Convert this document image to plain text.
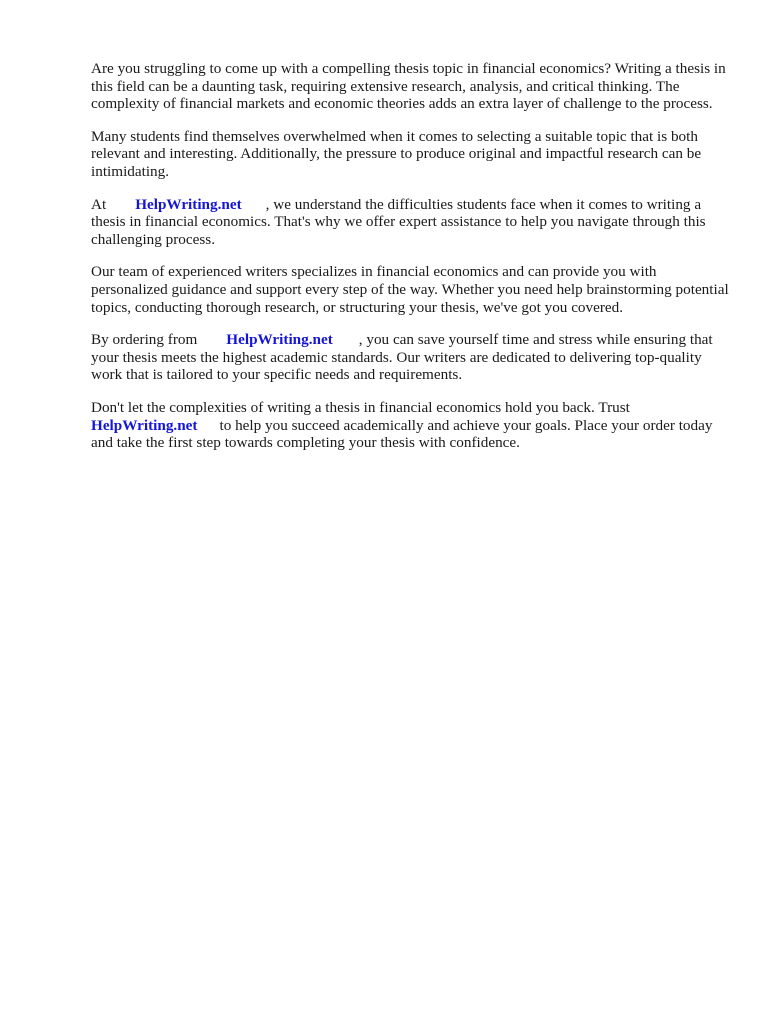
Are you struggling to come up with a compelling thesis topic in financial economics? Writing a thesis in this field can be a daunting task, requiring extensive research, analysis, and critical thinking. The complexity of financial markets and economic theories adds an extra layer of challenge to the process.

Many students find themselves overwhelmed when it comes to selecting a suitable topic that is both relevant and interesting. Additionally, the pressure to produce original and impactful research can be intimidating.

At HelpWriting.net , we understand the difficulties students face when it comes to writing a thesis in financial economics. That's why we offer expert assistance to help you navigate through this challenging process.

Our team of experienced writers specializes in financial economics and can provide you with personalized guidance and support every step of the way. Whether you need help brainstorming potential topics, conducting thorough research, or structuring your thesis, we've got you covered.

By ordering from HelpWriting.net , you can save yourself time and stress while ensuring that your thesis meets the highest academic standards. Our writers are dedicated to delivering top-quality work that is tailored to your specific needs and requirements.

Don't let the complexities of writing a thesis in financial economics hold you back. Trust HelpWriting.net to help you succeed academically and achieve your goals. Place your order today and take the first step towards completing your thesis with confidence.
